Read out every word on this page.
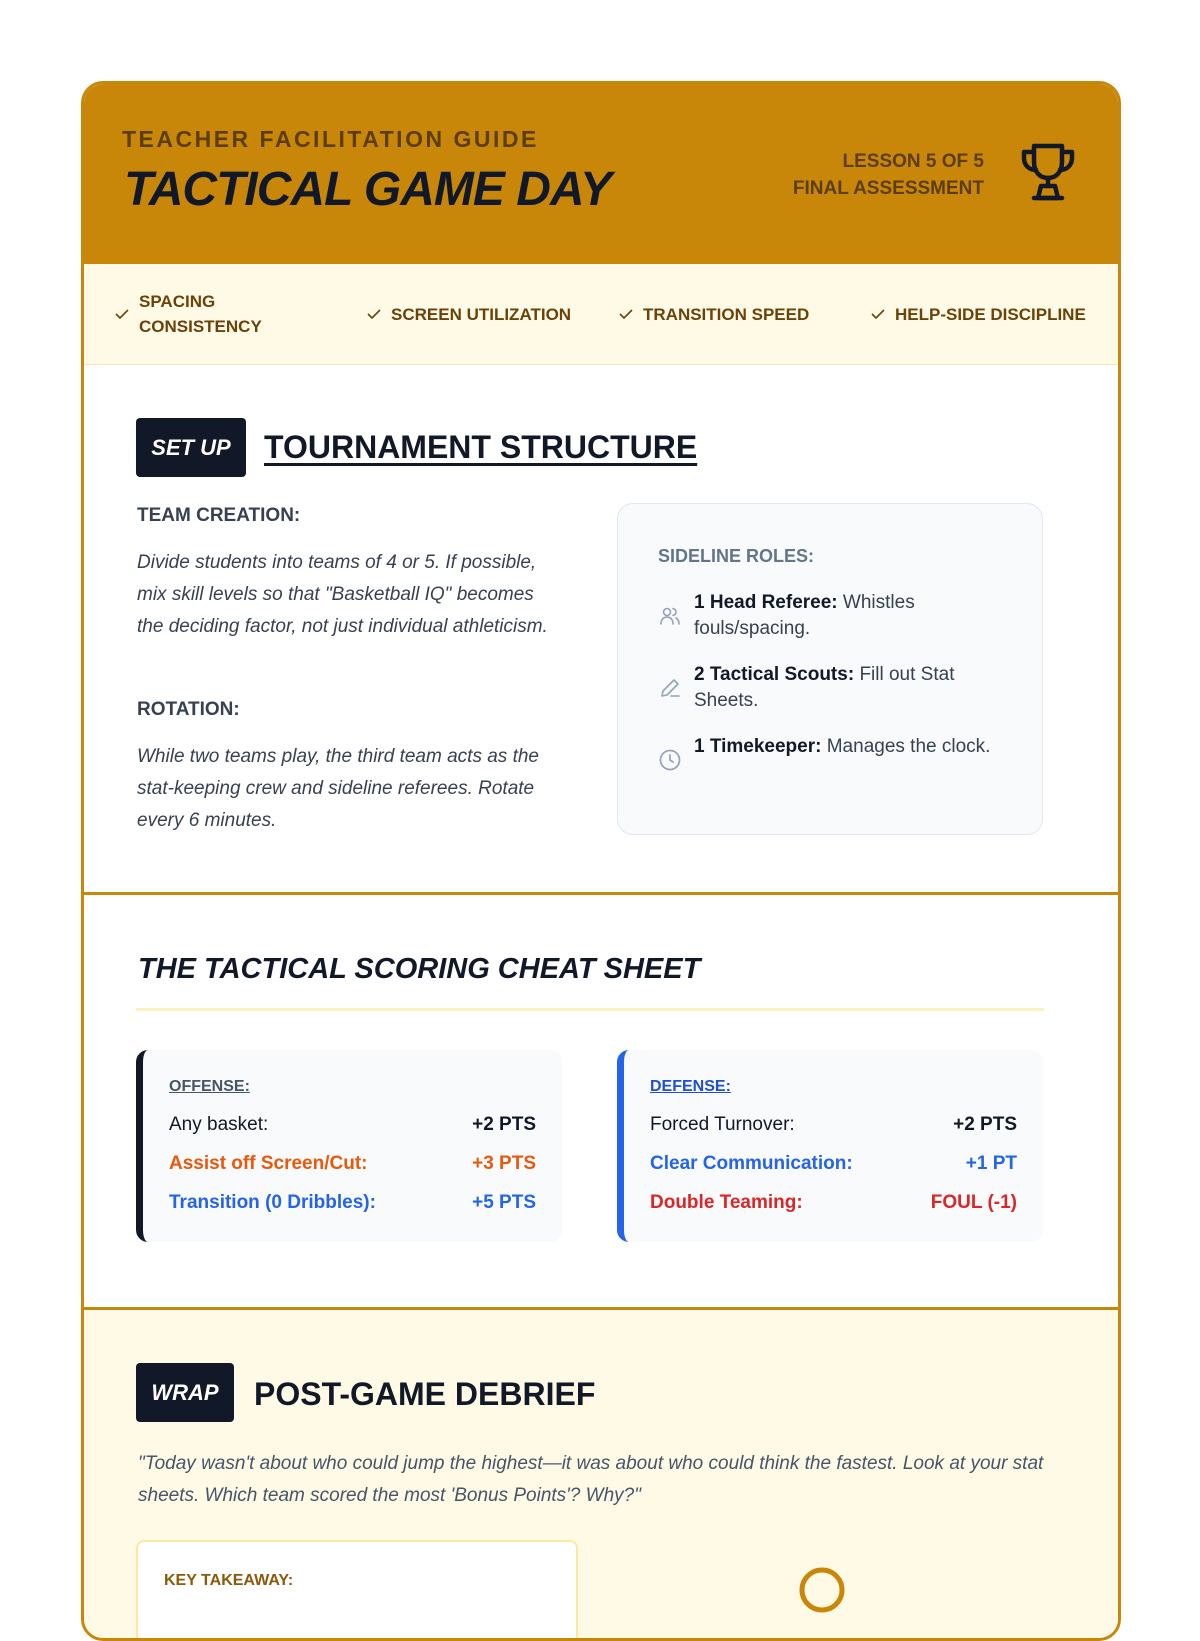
TEACHER FACILITATION GUIDE
TACTICAL GAME DAY
LESSON 5 OF 5
FINAL ASSESSMENT
SPACING CONSISTENCY
SCREEN UTILIZATION	TRANSITION SPEED	HELP-SIDE DISCIPLINE
SET UP	TOURNAMENT STRUCTURE
TEAM CREATION:
Divide students into teams of 4 or 5. If possible, mix skill levels so that "Basketball IQ" becomes the deciding factor, not just individual athleticism.
ROTATION:
While two teams play, the third team acts as the stat-keeping crew and sideline referees. Rotate every 6 minutes.
SIDELINE ROLES:
1 Head Referee: Whistles fouls/spacing.
2 Tactical Scouts: Fill out Stat Sheets.
1 Timekeeper: Manages the clock.
THE TACTICAL SCORING CHEAT SHEET
OFFENSE:
Any basket:	+2 PTS
Assist off Screen/Cut:	+3 PTS
Transition (0 Dribbles):	+5 PTS
DEFENSE:
Forced Turnover:	+2 PTS
Clear Communication:	+1 PT
Double Teaming:	FOUL (-1)
WRAP	POST-GAME DEBRIEF
"Today wasn't about who could jump the highest—it was about who could think the fastest. Look at your stat sheets. Which team scored the most 'Bonus Points'? Why?"
KEY TAKEAWAY:
